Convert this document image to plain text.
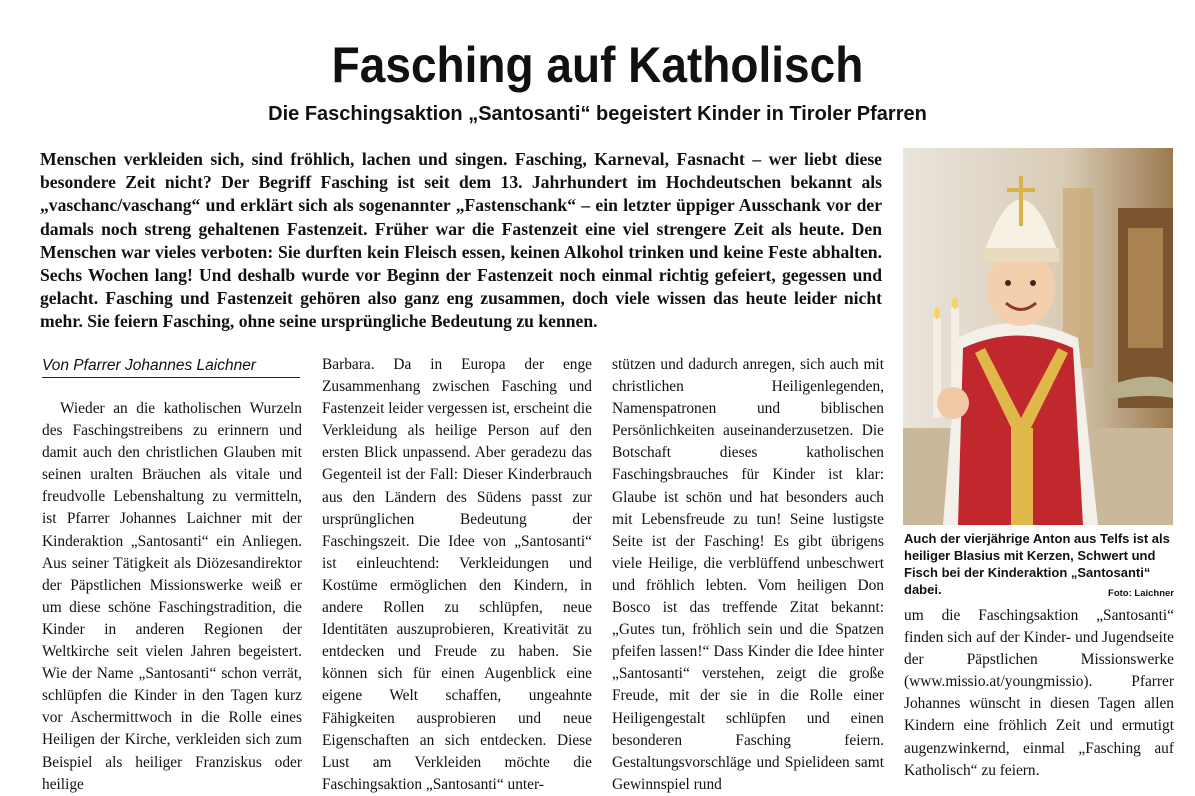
Fasching auf Katholisch
Die Faschingsaktion „Santosanti“ begeistert Kinder in Tiroler Pfarren

Menschen verkleiden sich, sind fröhlich, lachen und singen. Fasching, Karneval, Fasnacht – wer liebt diese besondere Zeit nicht? Der Begriff Fasching ist seit dem 13. Jahrhundert im Hochdeutschen bekannt als „vaschanc/vaschang“ und erklärt sich als sogenannter „Fastenschank“ – ein letzter üppiger Ausschank vor der damals noch streng gehaltenen Fastenzeit. Früher war die Fastenzeit eine viel strengere Zeit als heute. Den Menschen war vieles verboten: Sie durften kein Fleisch essen, keinen Alkohol trinken und keine Feste abhalten. Sechs Wochen lang! Und deshalb wurde vor Beginn der Fastenzeit noch einmal richtig gefeiert, gegessen und gelacht. Fasching und Fastenzeit gehören also ganz eng zusammen, doch viele wissen das heute leider nicht mehr. Sie feiern Fasching, ohne seine ursprüngliche Bedeutung zu kennen.

Von Pfarrer Johannes Laichner

Wieder an die katholischen Wurzeln des Faschingstreibens zu erinnern und damit auch den christlichen Glauben mit seinen uralten Bräuchen als vitale und freudvolle Lebenshaltung zu vermitteln, ist Pfarrer Johannes Laichner mit der Kinderaktion „Santosanti“ ein Anliegen. Aus seiner Tätigkeit als Diözesandirektor der Päpstlichen Missionswerke weiß er um diese schöne Faschingstradition, die Kinder in anderen Regionen der Weltkirche seit vielen Jahren begeistert. Wie der Name „Santosanti“ schon verrät, schlüpfen die Kinder in den Tagen kurz vor Aschermittwoch in die Rolle eines Heiligen der Kirche, verkleiden sich zum Beispiel als heiliger Franziskus oder heilige

Barbara. Da in Europa der enge Zusammenhang zwischen Fasching und Fastenzeit leider vergessen ist, erscheint die Verkleidung als heilige Person auf den ersten Blick unpassend. Aber geradezu das Gegenteil ist der Fall: Dieser Kinderbrauch aus den Ländern des Südens passt zur ursprünglichen Bedeutung der Faschingszeit. Die Idee von „Santosanti“ ist einleuchtend: Verkleidungen und Kostüme ermöglichen den Kindern, in andere Rollen zu schlüpfen, neue Identitäten auszuprobieren, Kreativität zu entdecken und Freude zu haben. Sie können sich für einen Augenblick eine eigene Welt schaffen, ungeahnte Fähigkeiten ausprobieren und neue Eigenschaften an sich entdecken. Diese Lust am Verkleiden möchte die Faschingsaktion „Santosanti“ unter-

stützen und dadurch anregen, sich auch mit christlichen Heiligenlegenden, Namenspatronen und biblischen Persönlichkeiten auseinanderzusetzen. Die Botschaft dieses katholischen Faschingsbrauches für Kinder ist klar: Glaube ist schön und hat besonders auch mit Lebensfreude zu tun! Seine lustigste Seite ist der Fasching! Es gibt übrigens viele Heilige, die verblüffend unbeschwert und fröhlich lebten. Vom heiligen Don Bosco ist das treffende Zitat bekannt: „Gutes tun, fröhlich sein und die Spatzen pfeifen lassen!“ Dass Kinder die Idee hinter „Santosanti“ verstehen, zeigt die große Freude, mit der sie in die Rolle einer Heiligengestalt schlüpfen und einen besonderen Fasching feiern. Gestaltungsvorschläge und Spielideen samt Gewinnspiel rund

Auch der vierjährige Anton aus Telfs ist als heiliger Blasius mit Kerzen, Schwert und Fisch bei der Kinderaktion „Santosanti“ dabei.	Foto: Laichner

um die Faschingsaktion „Santosanti“ finden sich auf der Kinder- und Jugendseite der Päpstlichen Missionswerke (www.missio.at/youngmissio). Pfarrer Johannes wünscht in diesen Tagen allen Kindern eine fröhlich Zeit und ermutigt augenzwinkernd, einmal „Fasching auf Katholisch“ zu feiern.
